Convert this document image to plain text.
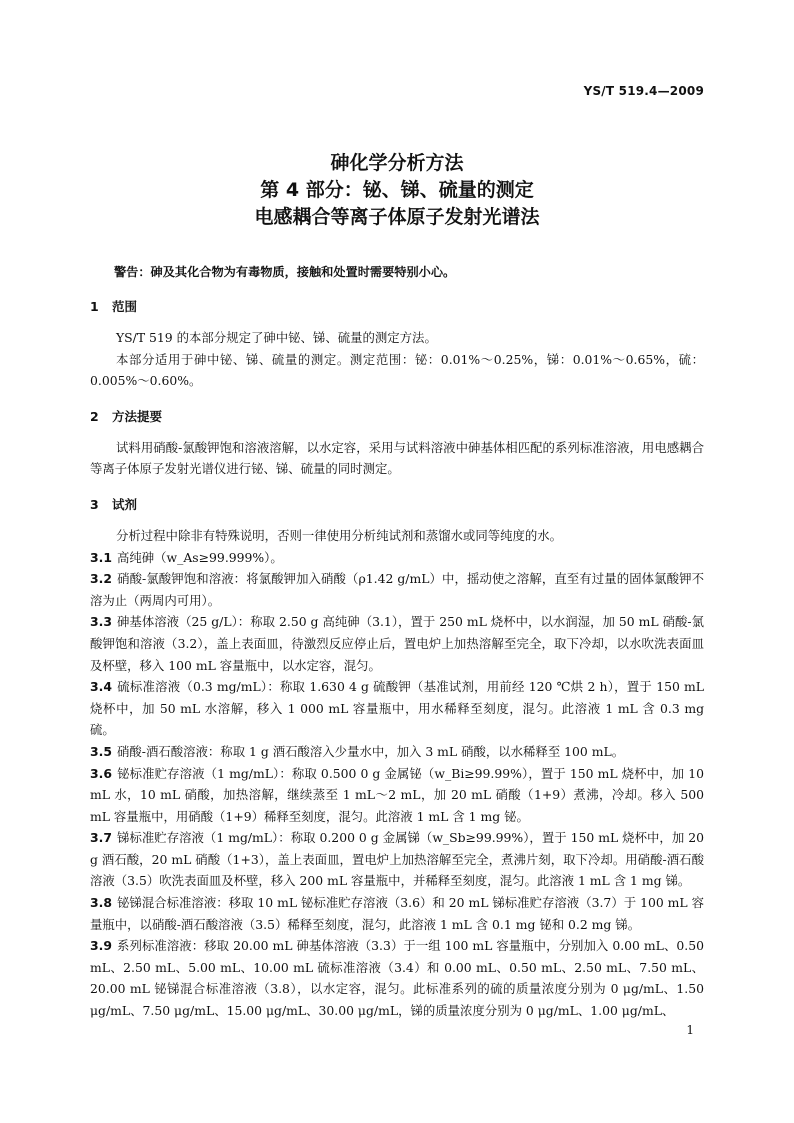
YS/T 519.4—2009
砷化学分析方法
第 4 部分：铋、锑、硫量的测定
电感耦合等离子体原子发射光谱法
警告：砷及其化合物为有毒物质，接触和处置时需要特别小心。
1 范围
YS/T 519 的本部分规定了砷中铋、锑、硫量的测定方法。
本部分适用于砷中铋、锑、硫量的测定。测定范围：铋：0.01%～0.25%，锑：0.01%～0.65%，硫：0.005%～0.60%。
2 方法提要
试料用硝酸-氯酸钾饱和溶液溶解，以水定容，采用与试料溶液中砷基体相匹配的系列标准溶液，用电感耦合等离子体原子发射光谱仪进行铋、锑、硫量的同时测定。
3 试剂
分析过程中除非有特殊说明，否则一律使用分析纯试剂和蒸馏水或同等纯度的水。
3.1 高纯砷（w_As≥99.999%）。
3.2 硝酸-氯酸钾饱和溶液：将氯酸钾加入硝酸（ρ1.42 g/mL）中，摇动使之溶解，直至有过量的固体氯酸钾不溶为止（两周内可用）。
3.3 砷基体溶液（25 g/L）：称取 2.50 g 高纯砷（3.1），置于 250 mL 烧杯中，以水润湿，加 50 mL 硝酸-氯酸钾饱和溶液（3.2），盖上表面皿，待激烈反应停止后，置电炉上加热溶解至完全，取下冷却，以水吹洗表面皿及杯壁，移入 100 mL 容量瓶中，以水定容，混匀。
3.4 硫标准溶液（0.3 mg/mL）：称取 1.630 4 g 硫酸钾（基准试剂，用前经 120 ℃烘 2 h），置于 150 mL 烧杯中，加 50 mL 水溶解，移入 1 000 mL 容量瓶中，用水稀释至刻度，混匀。此溶液 1 mL 含 0.3 mg 硫。
3.5 硝酸-酒石酸溶液：称取 1 g 酒石酸溶入少量水中，加入 3 mL 硝酸，以水稀释至 100 mL。
3.6 铋标准贮存溶液（1 mg/mL）：称取 0.500 0 g 金属铋（w_Bi≥99.99%），置于 150 mL 烧杯中，加 10 mL 水，10 mL 硝酸，加热溶解，继续蒸至 1 mL～2 mL，加 20 mL 硝酸（1+9）煮沸，冷却。移入 500 mL 容量瓶中，用硝酸（1+9）稀释至刻度，混匀。此溶液 1 mL 含 1 mg 铋。
3.7 锑标准贮存溶液（1 mg/mL）：称取 0.200 0 g 金属锑（w_Sb≥99.99%），置于 150 mL 烧杯中，加 20 g 酒石酸，20 mL 硝酸（1+3），盖上表面皿，置电炉上加热溶解至完全，煮沸片刻，取下冷却。用硝酸-酒石酸溶液（3.5）吹洗表面皿及杯壁，移入 200 mL 容量瓶中，并稀释至刻度，混匀。此溶液 1 mL 含 1 mg 锑。
3.8 铋锑混合标准溶液：移取 10 mL 铋标准贮存溶液（3.6）和 20 mL 锑标准贮存溶液（3.7）于 100 mL 容量瓶中，以硝酸-酒石酸溶液（3.5）稀释至刻度，混匀，此溶液 1 mL 含 0.1 mg 铋和 0.2 mg 锑。
3.9 系列标准溶液：移取 20.00 mL 砷基体溶液（3.3）于一组 100 mL 容量瓶中，分别加入 0.00 mL、0.50 mL、2.50 mL、5.00 mL、10.00 mL 硫标准溶液（3.4）和 0.00 mL、0.50 mL、2.50 mL、7.50 mL、20.00 mL 铋锑混合标准溶液（3.8），以水定容，混匀。此标准系列的硫的质量浓度分别为 0 μg/mL、1.50 μg/mL、7.50 μg/mL、15.00 μg/mL、30.00 μg/mL，锑的质量浓度分别为 0 μg/mL、1.00 μg/mL、
1
